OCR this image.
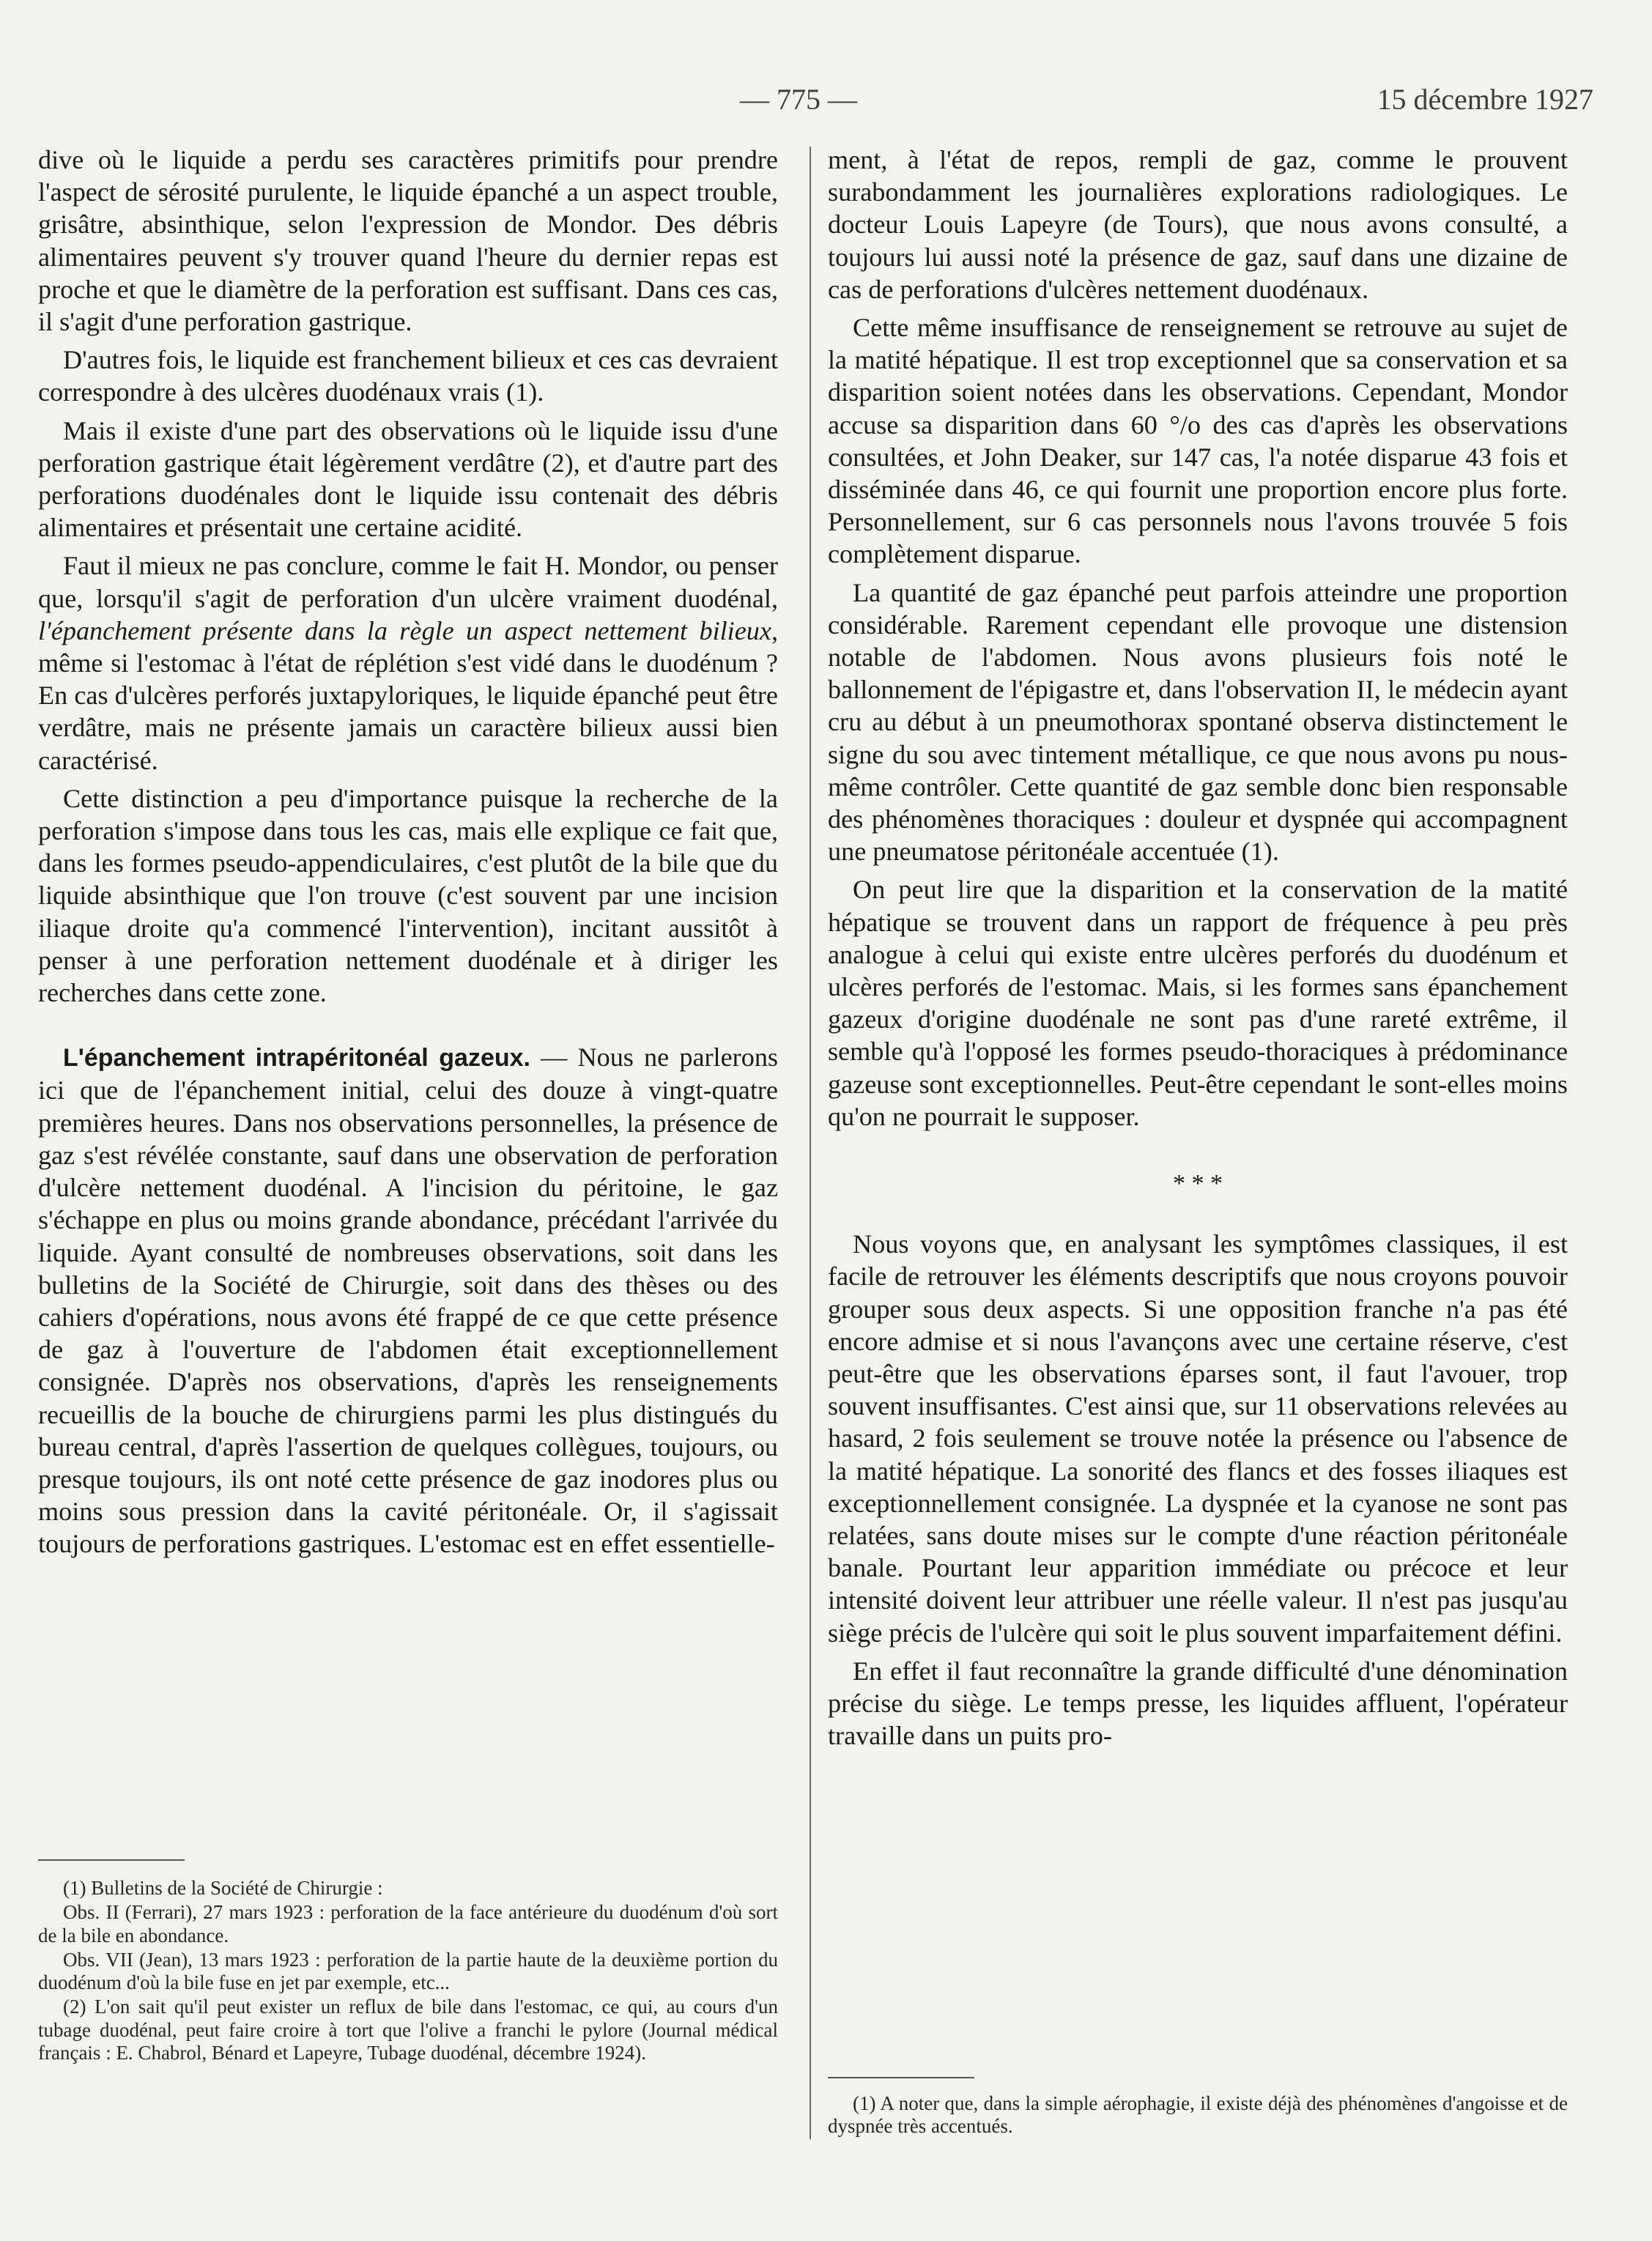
— 775 —	15 décembre 1927

dive où le liquide a perdu ses caractères primitifs pour prendre l'aspect de sérosité purulente, le liquide épanché a un aspect trouble, grisâtre, absinthique, selon l'expression de Mondor. Des débris alimentaires peuvent s'y trouver quand l'heure du dernier repas est proche et que le diamètre de la perforation est suffisant. Dans ces cas, il s'agit d'une perforation gastrique.

D'autres fois, le liquide est franchement bilieux et ces cas devraient correspondre à des ulcères duodénaux vrais (1).

Mais il existe d'une part des observations où le liquide issu d'une perforation gastrique était légèrement verdâtre (2), et d'autre part des perforations duodénales dont le liquide issu contenait des débris alimentaires et présentait une certaine acidité.

Faut il mieux ne pas conclure, comme le fait H. Mondor, ou penser que, lorsqu'il s'agit de perforation d'un ulcère vraiment duodénal, l'épanchement présente dans la règle un aspect nettement bilieux, même si l'estomac à l'état de réplétion s'est vidé dans le duodénum ? En cas d'ulcères perforés juxtapyloriques, le liquide épanché peut être verdâtre, mais ne présente jamais un caractère bilieux aussi bien caractérisé.

Cette distinction a peu d'importance puisque la recherche de la perforation s'impose dans tous les cas, mais elle explique ce fait que, dans les formes pseudo-appendiculaires, c'est plutôt de la bile que du liquide absinthique que l'on trouve (c'est souvent par une incision iliaque droite qu'a commencé l'intervention), incitant aussitôt à penser à une perforation nettement duodénale et à diriger les recherches dans cette zone.

L'épanchement intrapéritonéal gazeux. — Nous ne parlerons ici que de l'épanchement initial, celui des douze à vingt-quatre premières heures. Dans nos observations personnelles, la présence de gaz s'est révélée constante, sauf dans une observation de perforation d'ulcère nettement duodénal. A l'incision du péritoine, le gaz s'échappe en plus ou moins grande abondance, précédant l'arrivée du liquide. Ayant consulté de nombreuses observations, soit dans les bulletins de la Société de Chirurgie, soit dans des thèses ou des cahiers d'opérations, nous avons été frappé de ce que cette présence de gaz à l'ouverture de l'abdomen était exceptionnellement consignée. D'après nos observations, d'après les renseignements recueillis de la bouche de chirurgiens parmi les plus distingués du bureau central, d'après l'assertion de quelques collègues, toujours, ou presque toujours, ils ont noté cette présence de gaz inodores plus ou moins sous pression dans la cavité péritonéale. Or, il s'agissait toujours de perforations gastriques. L'estomac est en effet essentielle-

(1) Bulletins de la Société de Chirurgie :

Obs. II (Ferrari), 27 mars 1923 : perforation de la face antérieure du duodénum d'où sort de la bile en abondance.

Obs. VII (Jean), 13 mars 1923 : perforation de la partie haute de la deuxième portion du duodénum d'où la bile fuse en jet par exemple, etc...

(2) L'on sait qu'il peut exister un reflux de bile dans l'estomac, ce qui, au cours d'un tubage duodénal, peut faire croire à tort que l'olive a franchi le pylore (Journal médical français : E. Chabrol, Bénard et Lapeyre, Tubage duodénal, décembre 1924).

ment, à l'état de repos, rempli de gaz, comme le prouvent surabondamment les journalières explorations radiologiques. Le docteur Louis Lapeyre (de Tours), que nous avons consulté, a toujours lui aussi noté la présence de gaz, sauf dans une dizaine de cas de perforations d'ulcères nettement duodénaux.

Cette même insuffisance de renseignement se retrouve au sujet de la matité hépatique. Il est trop exceptionnel que sa conservation et sa disparition soient notées dans les observations. Cependant, Mondor accuse sa disparition dans 60 °/o des cas d'après les observations consultées, et John Deaker, sur 147 cas, l'a notée disparue 43 fois et disséminée dans 46, ce qui fournit une proportion encore plus forte. Personnellement, sur 6 cas personnels nous l'avons trouvée 5 fois complètement disparue.

La quantité de gaz épanché peut parfois atteindre une proportion considérable. Rarement cependant elle provoque une distension notable de l'abdomen. Nous avons plusieurs fois noté le ballonnement de l'épigastre et, dans l'observation II, le médecin ayant cru au début à un pneumothorax spontané observa distinctement le signe du sou avec tintement métallique, ce que nous avons pu nous-même contrôler. Cette quantité de gaz semble donc bien responsable des phénomènes thoraciques : douleur et dyspnée qui accompagnent une pneumatose péritonéale accentuée (1).

On peut lire que la disparition et la conservation de la matité hépatique se trouvent dans un rapport de fréquence à peu près analogue à celui qui existe entre ulcères perforés du duodénum et ulcères perforés de l'estomac. Mais, si les formes sans épanchement gazeux d'origine duodénale ne sont pas d'une rareté extrême, il semble qu'à l'opposé les formes pseudo-thoraciques à prédominance gazeuse sont exceptionnelles. Peut-être cependant le sont-elles moins qu'on ne pourrait le supposer.

* * *

Nous voyons que, en analysant les symptômes classiques, il est facile de retrouver les éléments descriptifs que nous croyons pouvoir grouper sous deux aspects. Si une opposition franche n'a pas été encore admise et si nous l'avançons avec une certaine réserve, c'est peut-être que les observations éparses sont, il faut l'avouer, trop souvent insuffisantes. C'est ainsi que, sur 11 observations relevées au hasard, 2 fois seulement se trouve notée la présence ou l'absence de la matité hépatique. La sonorité des flancs et des fosses iliaques est exceptionnellement consignée. La dyspnée et la cyanose ne sont pas relatées, sans doute mises sur le compte d'une réaction péritonéale banale. Pourtant leur apparition immédiate ou précoce et leur intensité doivent leur attribuer une réelle valeur. Il n'est pas jusqu'au siège précis de l'ulcère qui soit le plus souvent imparfaitement défini.

En effet il faut reconnaître la grande difficulté d'une dénomination précise du siège. Le temps presse, les liquides affluent, l'opérateur travaille dans un puits pro-

(1) A noter que, dans la simple aérophagie, il existe déjà des phénomènes d'angoisse et de dyspnée très accentués.
